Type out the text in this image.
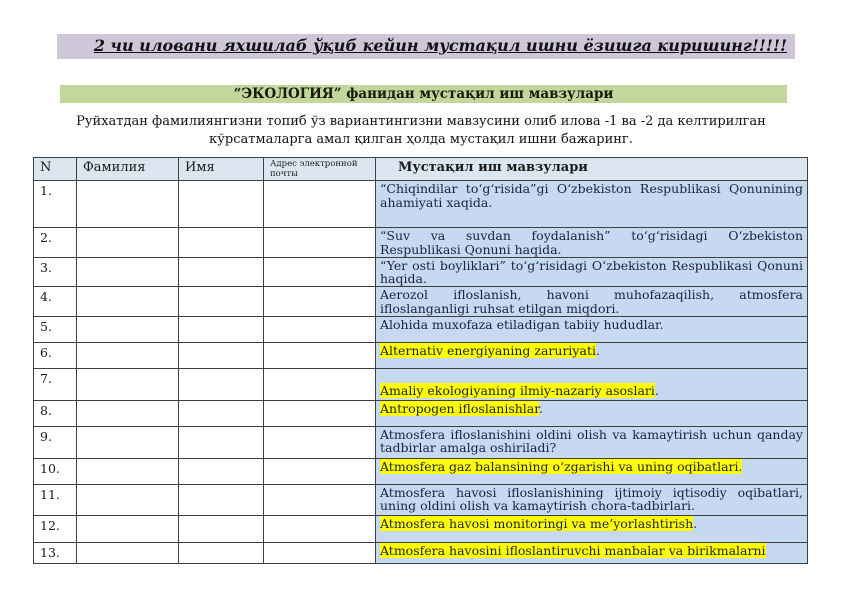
2 чи иловани яхшилаб ўқиб кейин мустақил ишни ёзишга киришинг!!!!!
“ЭКОЛОГИЯ” фанидан мустақил иш мавзулари
Руйхатдан фамилиянгизни топиб ўз вариантингизни мавзусини олиб илова -1 ва -2 да келтирилган кўрсатмаларга амал қилган ҳолда мустақил ишни бажаринг.
N	Фамилия	Имя	Адрес электронной почты	Мустақил иш мавзулари
1.				“Chiqindilar to‘g‘risida”gi O‘zbekiston Respublikasi Qonunining ahamiyati xaqida.
2.				“Suv va suvdan foydalanish” to‘g‘risidagi O‘zbekiston Respublikasi Qonuni haqida.
3.				“Yer osti boyliklari” to‘g‘risidagi O‘zbekiston Respublikasi Qonuni haqida.
4.				Aerozol ifloslanish, havoni muhofazaqilish, atmosfera ifloslanganligi ruhsat etilgan miqdori.
5.				Alohida muxofaza etiladigan tabiiy hududlar.
6.				Alternativ energiyaning zaruriyati.
7.				Amaliy ekologiyaning ilmiy-nazariy asoslari.
8.				Antropogen ifloslanishlar.
9.				Atmosfera ifloslanishini oldini olish va kamaytirish uchun qanday tadbirlar amalga oshiriladi?
10.				Atmosfera gaz balansining o‘zgarishi va uning oqibatlari.
11.				Atmosfera havosi ifloslanishining ijtimoiy iqtisodiy oqibatlari, uning oldini olish va kamaytirish chora-tadbirlari.
12.				Atmosfera havosi monitoringi va me’yorlashtirish.
13.				Atmosfera havosini ifloslantiruvchi manbalar va birikmalarni
